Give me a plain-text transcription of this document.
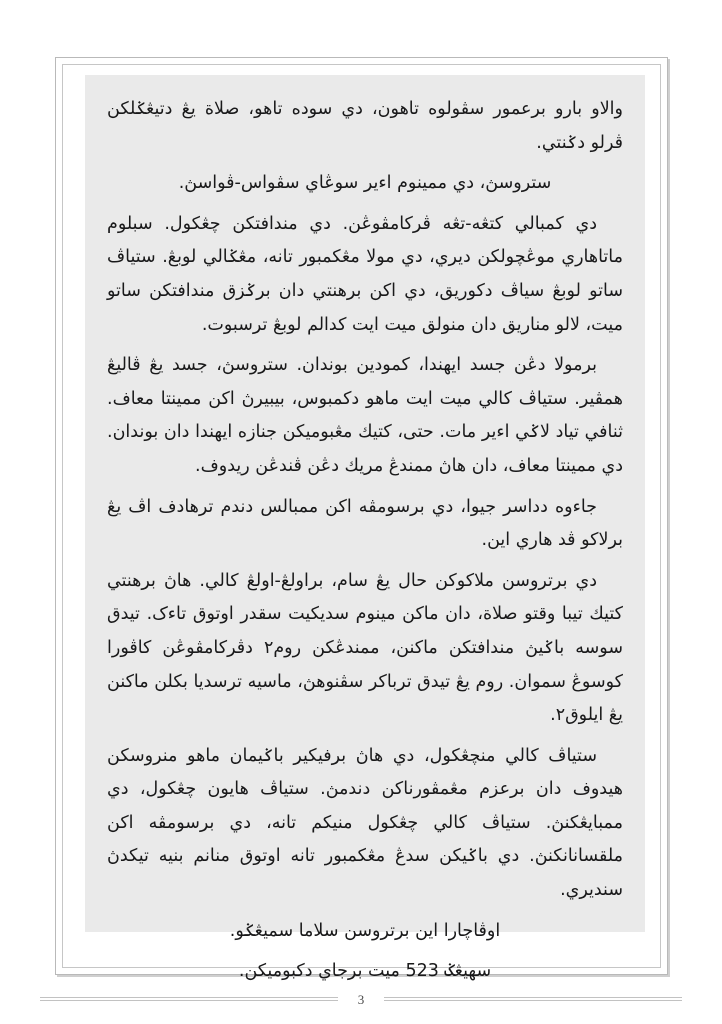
والاو بارو برعمور سڤولوه تاهون، دي سوده تاهو، صلاة يڠ دتيڠݢلكن ڤرلو دݢنتي.

ستروسڽ، دي ممينوم اءير سوڠاي سڤواس-ڤواسڽ.

دي كمبالي كتڠه-تڠه ڤركامڤوڠن. دي مندافتكن چڠكول. سبلوم ماتاهاري موڠچولكن ديري، دي مولا مڠكمبور تانه، مڠݢالي لوبڠ. ستياڤ ساتو لوبڠ سياڤ دكوريق، دي اكن برهنتي دان برݢزق مندافتكن ساتو ميت، لالو مناريق دان منولق ميت ايت كدالم لوبڠ ترسبوت.

برمولا دڠن جسد ايهندا، كمودين بوندان. ستروسڽ، جسد يڠ ڤاليڠ همڤير. ستياڤ كالي ميت ايت ماهو دكمبوس، بيبيرڽ اكن ممينتا معاف. ثنافي تياد لاݢي اءير مات. حتى، كتيك مڠبوميكن جنازه ايهندا دان بوندان. دي ممينتا معاف، دان هاڽ ممندڠ مريك دڠن ڤندڠن ريدوف.

جاءوه دداسر جيوا، دي برسومڤه اكن ممبالس دندم ترهادف اڤ يڠ برلاكو ڤد هاري اين.

دي برتروسن ملاكوكن حال يڠ سام، براولڠ-اولڠ كالي. هاڽ برهنتي كتيك تيبا وقتو صلاة، دان ماكن مينوم سديكيت سقدر اوتوق تاءک. تيدق سوسه باݢيڽ مندافتكن ماكنن، ممندڠكن روم٢ دڤركامڤوڠن كاڤورا كوسوڠ سموان. روم يڠ تيدق ترباكر سڤنوهڽ، ماسيه ترسديا بكلن ماكنن يڠ ايلوق٢.

ستياڤ كالي منچڠكول، دي هاڽ برفيكير باݢيمان ماهو منروسكن هيدوف دان برعزم مڠمڤورناكن دندمڽ. ستياڤ هايون چڠكول، دي ممبايڠكنڽ. ستياڤ كالي چڠكول منيكم تانه، دي برسومڤه اكن ملقسانانكنڽ. دي باݢيكن سدڠ مڠكمبور تانه اوتوق منانم بنيه تيكدڽ سنديري.

اوڤاچارا اين برتروسن سلاما سميڠݢو.

سهيڠݢ 523 ميت برجاي دكبوميكن.

3
